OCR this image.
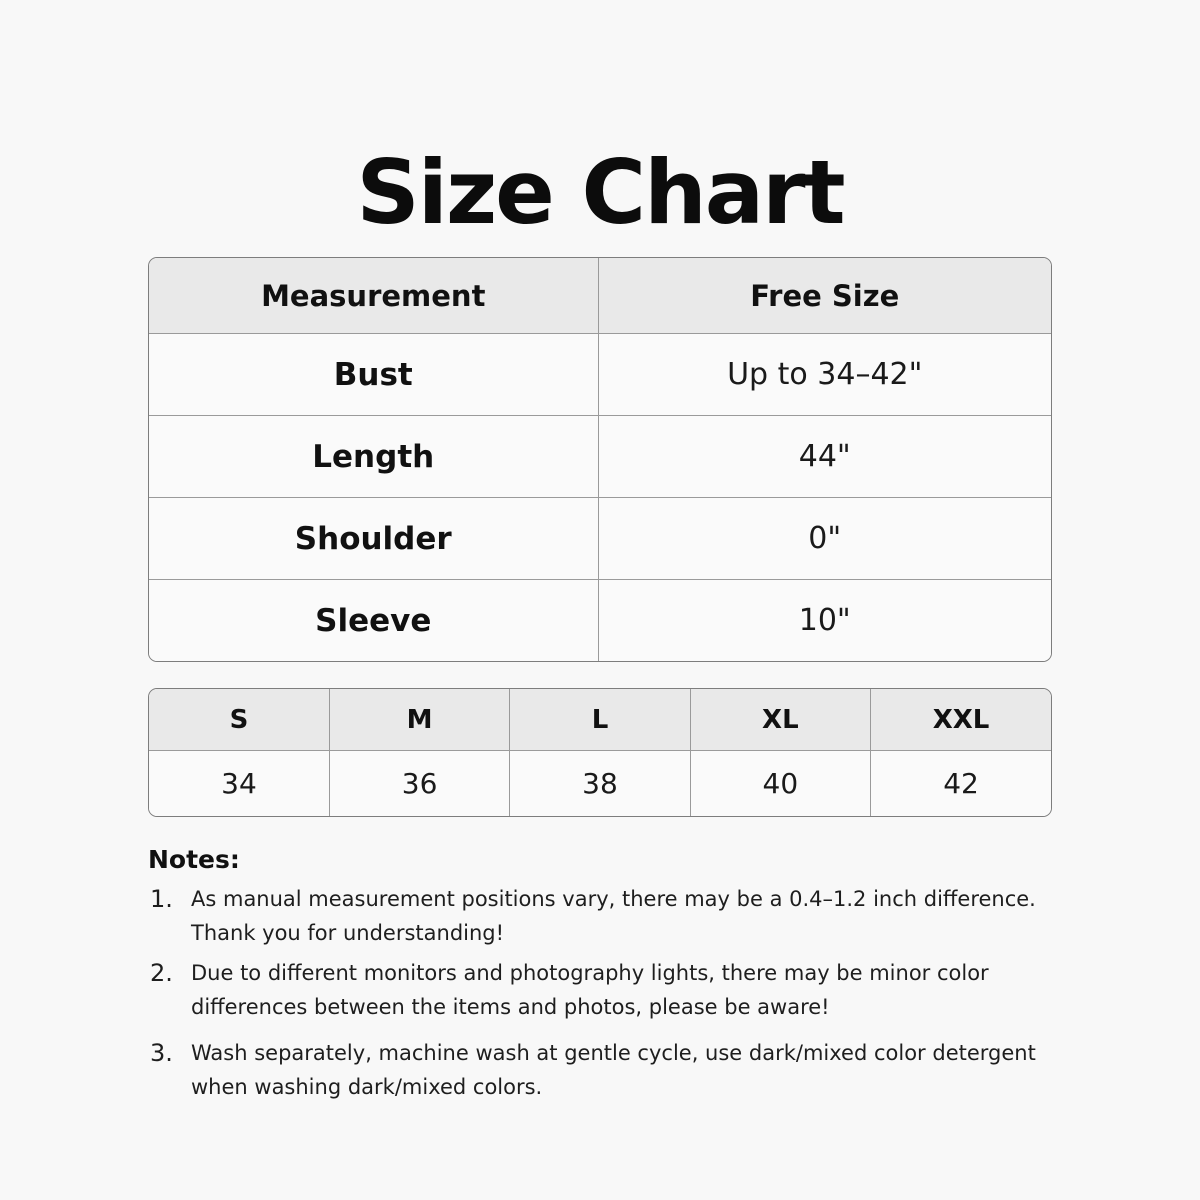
Size Chart
Measurement	Free Size
Bust	Up to 34–42"
Length	44"
Shoulder	0"
Sleeve	10"
S	M	L	XL	XXL
34	36	38	40	42
Notes:
1. As manual measurement positions vary, there may be a 0.4–1.2 inch difference. Thank you for understanding!
2. Due to different monitors and photography lights, there may be minor color differences between the items and photos, please be aware!
3. Wash separately, machine wash at gentle cycle, use dark/mixed color detergent when washing dark/mixed colors.
